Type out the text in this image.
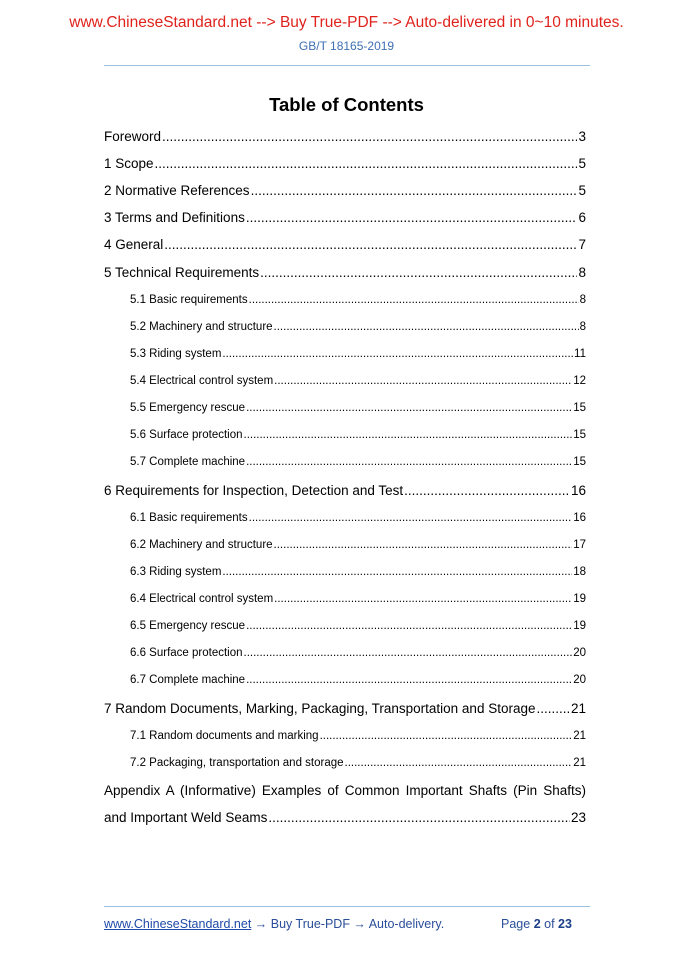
www.ChineseStandard.net --> Buy True-PDF --> Auto-delivered in 0~10 minutes.
GB/T 18165-2019
Table of Contents
Foreword .....	3
1 Scope .....	5
2 Normative References .....	5
3 Terms and Definitions .....	6
4 General .....	7
5 Technical Requirements .....	8
5.1 Basic requirements .....	8
5.2 Machinery and structure .....	8
5.3 Riding system .....	11
5.4 Electrical control system .....	12
5.5 Emergency rescue .....	15
5.6 Surface protection .....	15
5.7 Complete machine .....	15
6 Requirements for Inspection, Detection and Test .....	16
6.1 Basic requirements .....	16
6.2 Machinery and structure .....	17
6.3 Riding system .....	18
6.4 Electrical control system .....	19
6.5 Emergency rescue .....	19
6.6 Surface protection .....	20
6.7 Complete machine .....	20
7 Random Documents, Marking, Packaging, Transportation and Storage .....	21
7.1 Random documents and marking .....	21
7.2 Packaging, transportation and storage .....	21
Appendix A (Informative) Examples of Common Important Shafts (Pin Shafts)
and Important Weld Seams .....	23
www.ChineseStandard.net → Buy True-PDF → Auto-delivery.	Page 2 of 23
